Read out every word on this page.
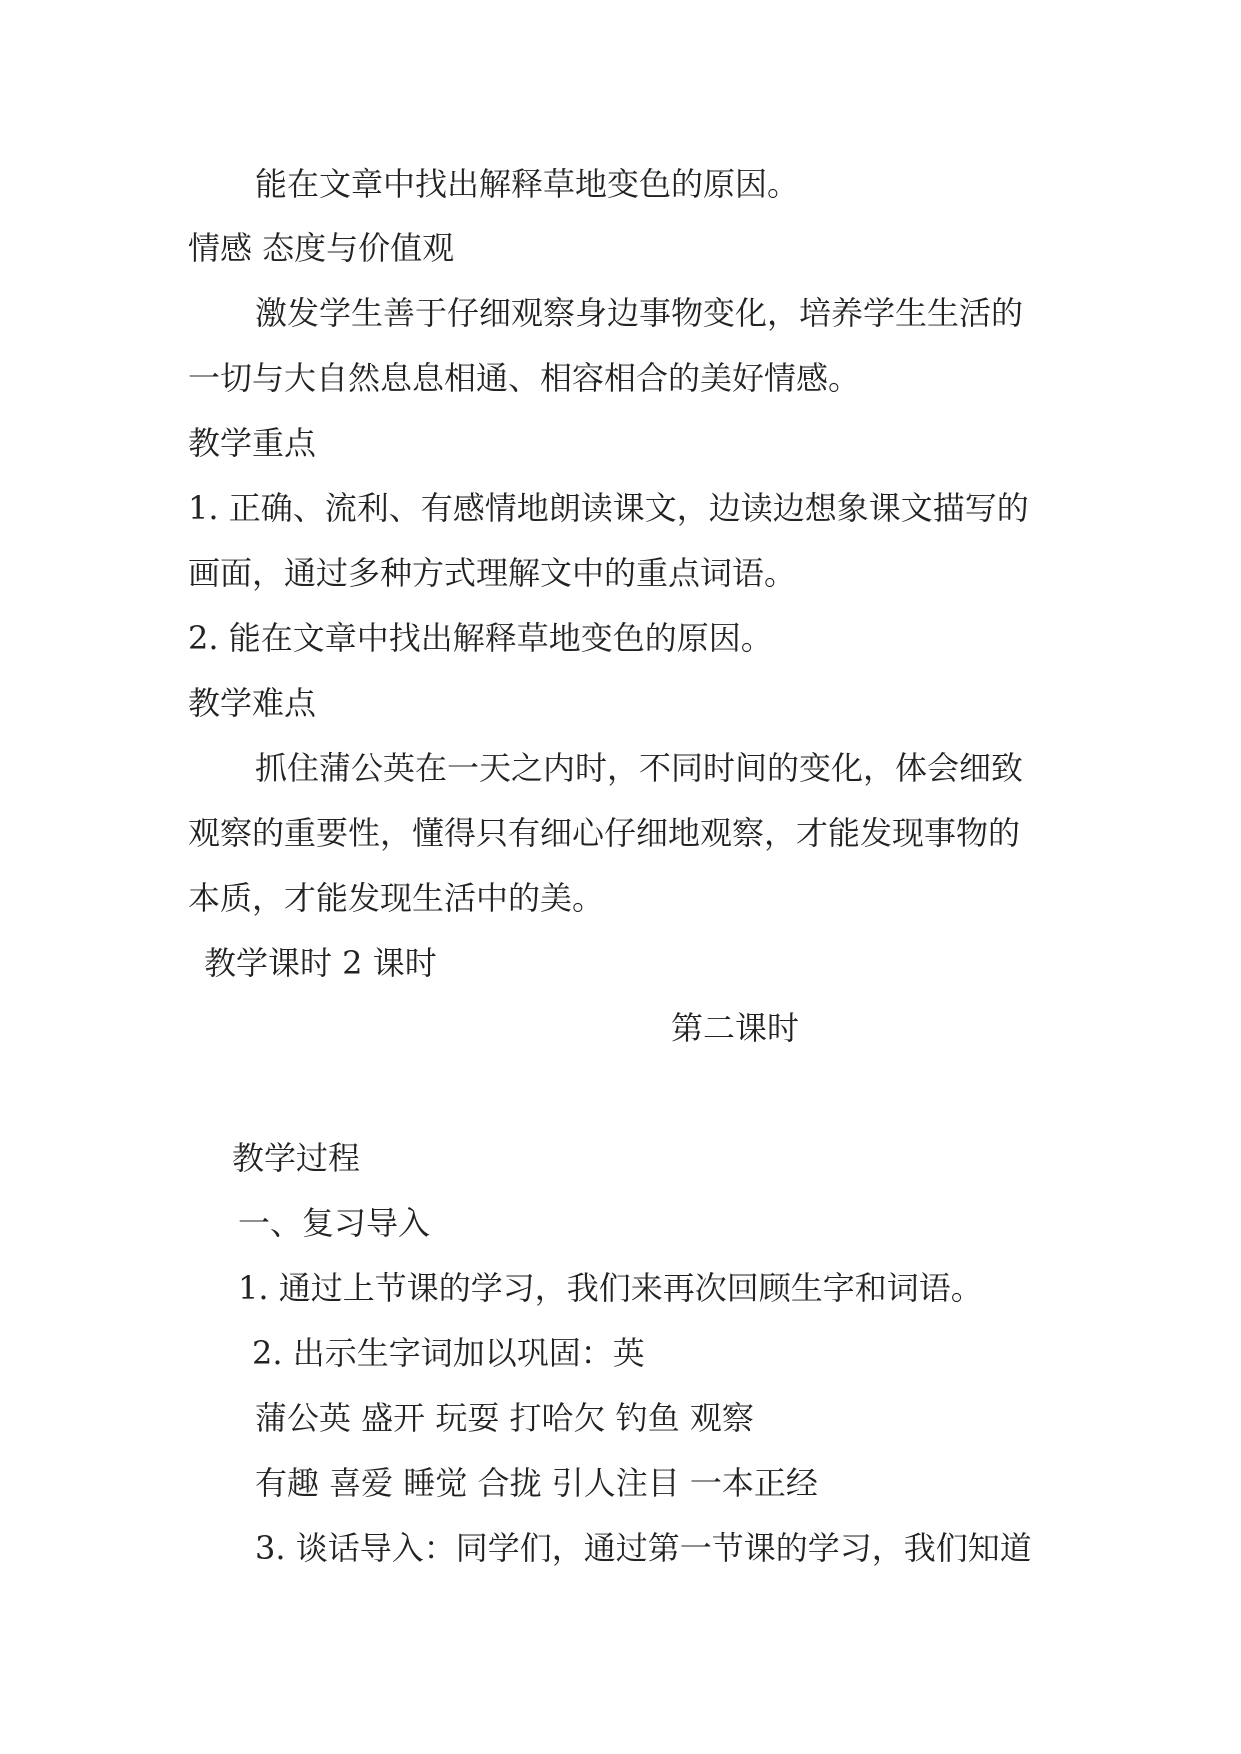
能在文章中找出解释草地变色的原因。
情感 态度与价值观
激发学生善于仔细观察身边事物变化，培养学生生活的
一切与大自然息息相通、相容相合的美好情感。
教学重点
1. 正确、流利、有感情地朗读课文，边读边想象课文描写的
画面，通过多种方式理解文中的重点词语。
2. 能在文章中找出解释草地变色的原因。
教学难点
抓住蒲公英在一天之内时，不同时间的变化，体会细致
观察的重要性，懂得只有细心仔细地观察，才能发现事物的
本质，才能发现生活中的美。
教学课时 2 课时
第二课时
教学过程
一、复习导入
1. 通过上节课的学习，我们来再次回顾生字和词语。
2. 出示生字词加以巩固：英
蒲公英 盛开 玩耍 打哈欠 钓鱼 观察
有趣 喜爱 睡觉 合拢 引人注目 一本正经
3. 谈话导入：同学们，通过第一节课的学习，我们知道
